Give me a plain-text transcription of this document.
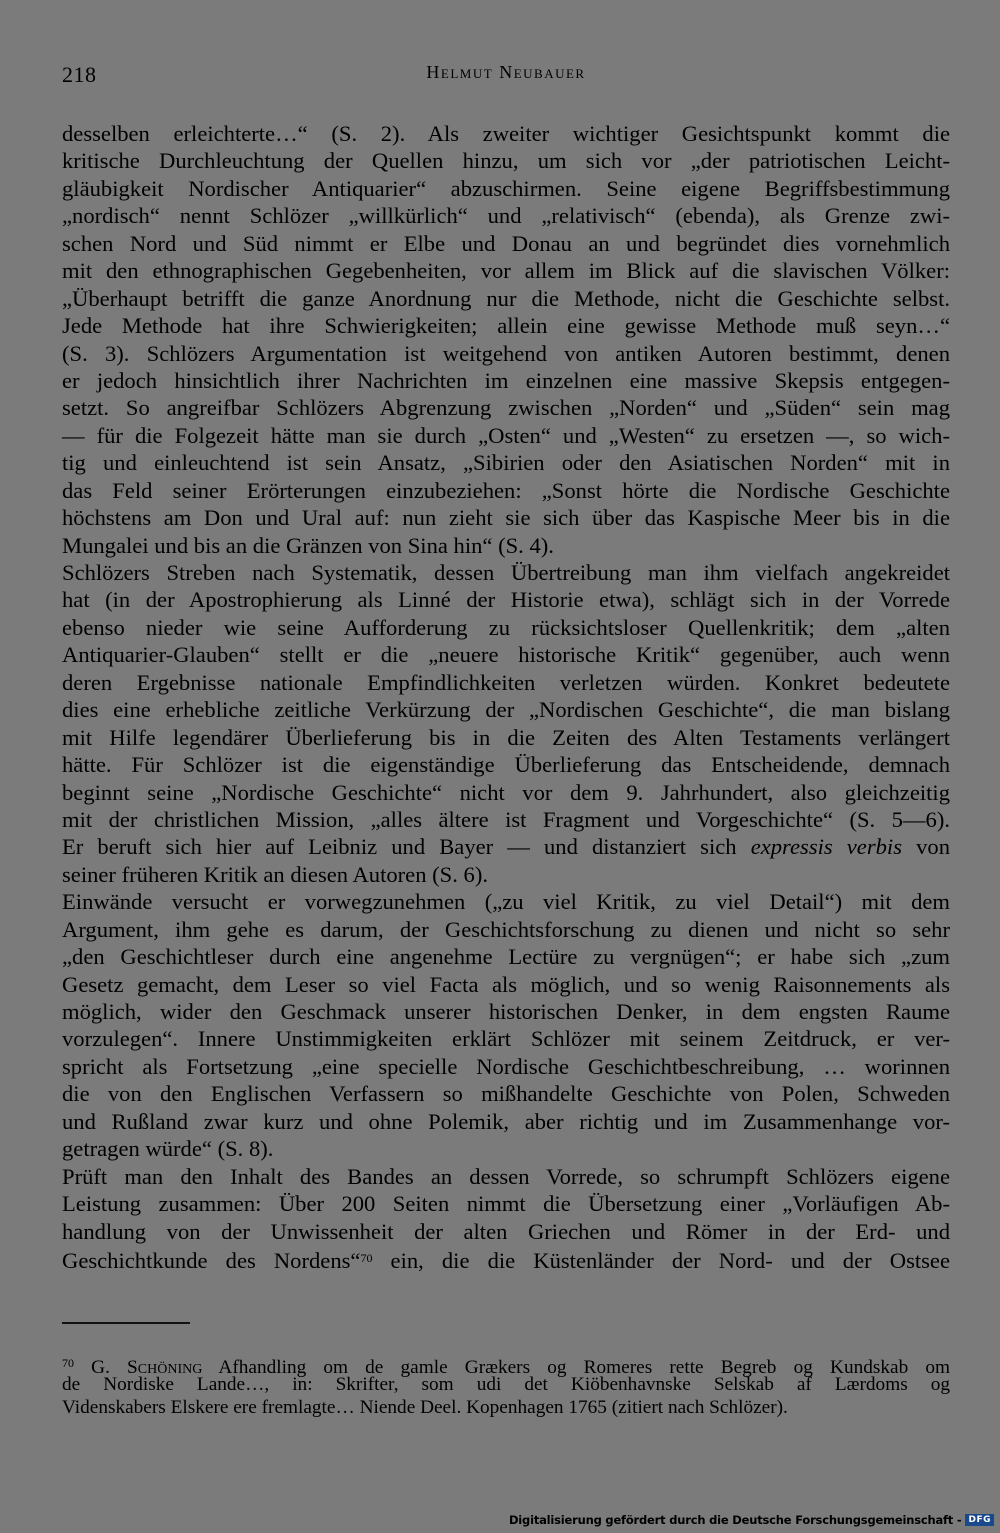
218	Helmut Neubauer
desselben erleichterte…“ (S. 2). Als zweiter wichtiger Gesichtspunkt kommt die
kritische Durchleuchtung der Quellen hinzu, um sich vor „der patriotischen Leicht-
gläubigkeit Nordischer Antiquarier“ abzuschirmen. Seine eigene Begriffsbestimmung
„nordisch“ nennt Schlözer „willkürlich“ und „relativisch“ (ebenda), als Grenze zwi-
schen Nord und Süd nimmt er Elbe und Donau an und begründet dies vornehmlich
mit den ethnographischen Gegebenheiten, vor allem im Blick auf die slavischen Völker:
„Überhaupt betrifft die ganze Anordnung nur die Methode, nicht die Geschichte selbst.
Jede Methode hat ihre Schwierigkeiten; allein eine gewisse Methode muß seyn…“
(S. 3). Schlözers Argumentation ist weitgehend von antiken Autoren bestimmt, denen
er jedoch hinsichtlich ihrer Nachrichten im einzelnen eine massive Skepsis entgegen-
setzt. So angreifbar Schlözers Abgrenzung zwischen „Norden“ und „Süden“ sein mag
— für die Folgezeit hätte man sie durch „Osten“ und „Westen“ zu ersetzen —, so wich-
tig und einleuchtend ist sein Ansatz, „Sibirien oder den Asiatischen Norden“ mit in
das Feld seiner Erörterungen einzubeziehen: „Sonst hörte die Nordische Geschichte
höchstens am Don und Ural auf: nun zieht sie sich über das Kaspische Meer bis in die
Mungalei und bis an die Gränzen von Sina hin“ (S. 4).
Schlözers Streben nach Systematik, dessen Übertreibung man ihm vielfach angekreidet
hat (in der Apostrophierung als Linné der Historie etwa), schlägt sich in der Vorrede
ebenso nieder wie seine Aufforderung zu rücksichtsloser Quellenkritik; dem „alten
Antiquarier-Glauben“ stellt er die „neuere historische Kritik“ gegenüber, auch wenn
deren Ergebnisse nationale Empfindlichkeiten verletzen würden. Konkret bedeutete
dies eine erhebliche zeitliche Verkürzung der „Nordischen Geschichte“, die man bislang
mit Hilfe legendärer Überlieferung bis in die Zeiten des Alten Testaments verlängert
hätte. Für Schlözer ist die eigenständige Überlieferung das Entscheidende, demnach
beginnt seine „Nordische Geschichte“ nicht vor dem 9. Jahrhundert, also gleichzeitig
mit der christlichen Mission, „alles ältere ist Fragment und Vorgeschichte“ (S. 5—6).
Er beruft sich hier auf Leibniz und Bayer — und distanziert sich expressis verbis von
seiner früheren Kritik an diesen Autoren (S. 6).
Einwände versucht er vorwegzunehmen („zu viel Kritik, zu viel Detail“) mit dem
Argument, ihm gehe es darum, der Geschichtsforschung zu dienen und nicht so sehr
„den Geschichtleser durch eine angenehme Lectüre zu vergnügen“; er habe sich „zum
Gesetz gemacht, dem Leser so viel Facta als möglich, und so wenig Raisonnements als
möglich, wider den Geschmack unserer historischen Denker, in dem engsten Raume
vorzulegen“. Innere Unstimmigkeiten erklärt Schlözer mit seinem Zeitdruck, er ver-
spricht als Fortsetzung „eine specielle Nordische Geschichtbeschreibung, … worinnen
die von den Englischen Verfassern so mißhandelte Geschichte von Polen, Schweden
und Rußland zwar kurz und ohne Polemik, aber richtig und im Zusammenhange vor-
getragen würde“ (S. 8).
Prüft man den Inhalt des Bandes an dessen Vorrede, so schrumpft Schlözers eigene
Leistung zusammen: Über 200 Seiten nimmt die Übersetzung einer „Vorläufigen Ab-
handlung von der Unwissenheit der alten Griechen und Römer in der Erd- und
Geschichtkunde des Nordens“$^{70}$ ein, die die Küstenländer der Nord- und der Ostsee
$^{70}$ G. Schöning Afhandling om de gamle Grækers og Romeres rette Begreb og Kundskab om
de Nordiske Lande…, in: Skrifter, som udi det Kiöbenhavnske Selskab af Lærdoms og
Videnskabers Elskere ere fremlagte… Niende Deel. Kopenhagen 1765 (zitiert nach Schlözer).
Digitalisierung gefördert durch die Deutsche Forschungsgemeinschaft - DFG
